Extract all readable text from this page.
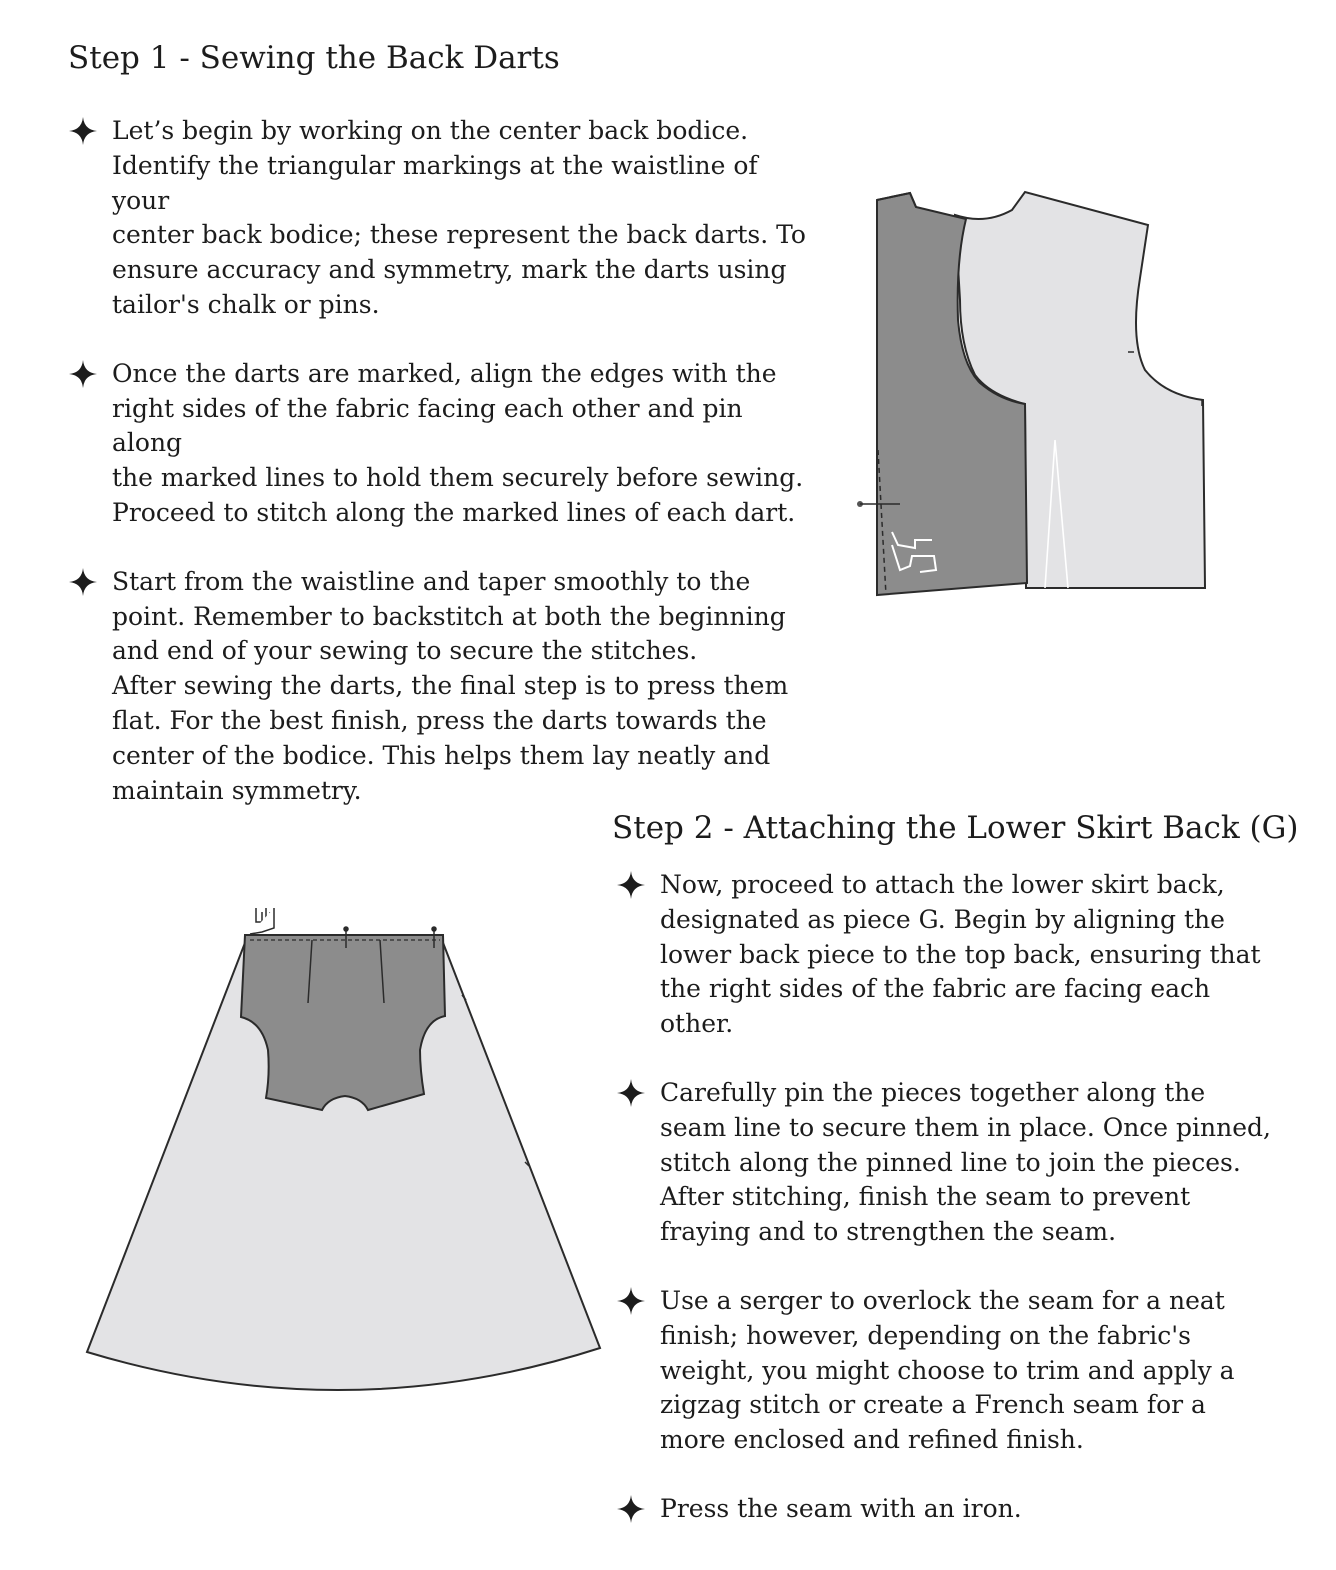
Step 1 - Sewing the Back Darts

Let’s begin by working on the center back bodice.
Identify the triangular markings at the waistline of your
center back bodice; these represent the back darts. To
ensure accuracy and symmetry, mark the darts using
tailor's chalk or pins.

Once the darts are marked, align the edges with the
right sides of the fabric facing each other and pin along
the marked lines to hold them securely before sewing.
Proceed to stitch along the marked lines of each dart.

Start from the waistline and taper smoothly to the
point. Remember to backstitch at both the beginning
and end of your sewing to secure the stitches.
After sewing the darts, the final step is to press them
flat. For the best finish, press the darts towards the
center of the bodice. This helps them lay neatly and
maintain symmetry.

Step 2 - Attaching the Lower Skirt Back (G)

Now, proceed to attach the lower skirt back,
designated as piece G. Begin by aligning the
lower back piece to the top back, ensuring that
the right sides of the fabric are facing each
other.

Carefully pin the pieces together along the
seam line to secure them in place. Once pinned,
stitch along the pinned line to join the pieces.
After stitching, finish the seam to prevent
fraying and to strengthen the seam.

Use a serger to overlock the seam for a neat
finish; however, depending on the fabric's
weight, you might choose to trim and apply a
zigzag stitch or create a French seam for a
more enclosed and refined finish.

Press the seam with an iron.
